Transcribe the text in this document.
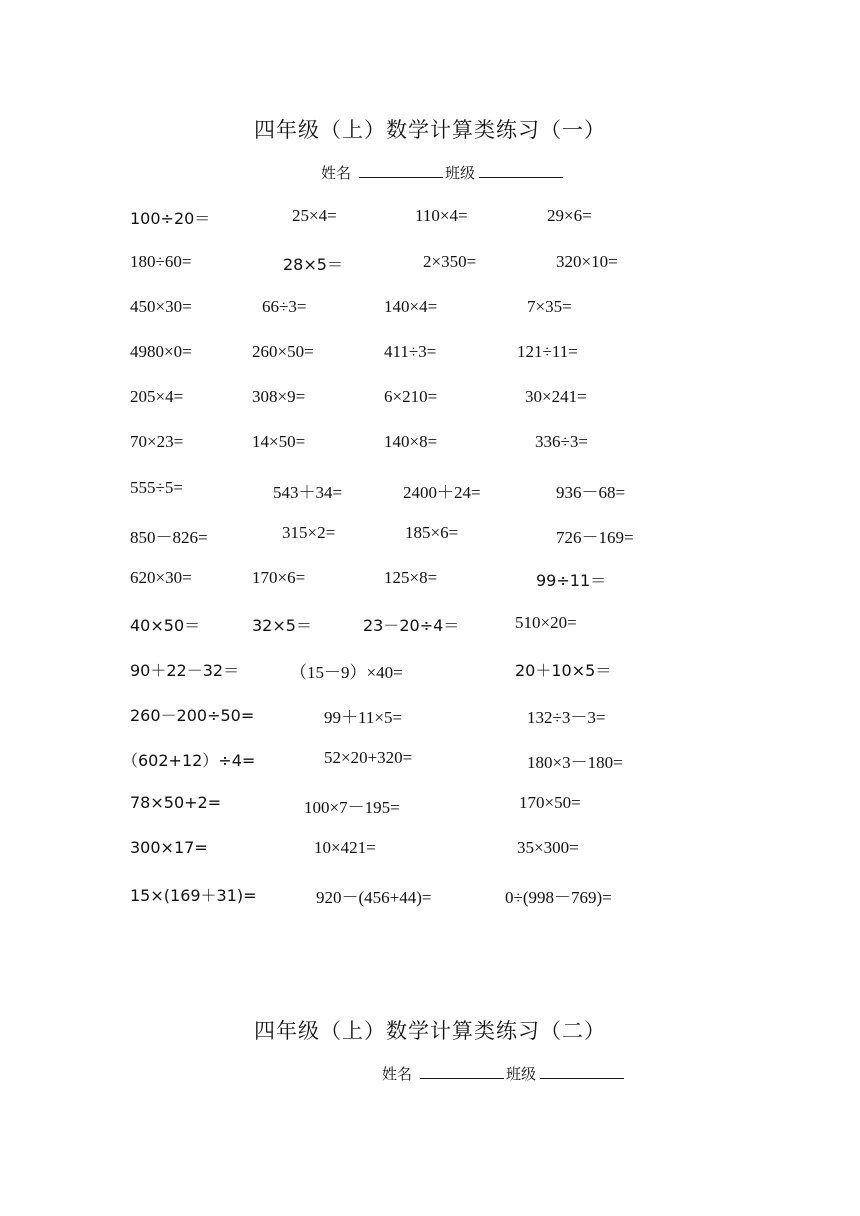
四年级（上）数学计算类练习（一）
姓名	班级
100÷20＝	25×4=	110×4=	29×6=
180÷60=	28×5＝	2×350=	320×10=
450×30=	66÷3=	140×4=	7×35=
4980×0=	260×50=	411÷3=	121÷11=
205×4=	308×9=	6×210=	30×241=
70×23=	14×50=	140×8=	336÷3=
555÷5=	543＋34=	2400＋24=	936－68=
850－826=	315×2=	185×6=	726－169=
620×30=	170×6=	125×8=	99÷11＝
40×50＝	32×5＝	23－20÷4＝	510×20=
90＋22－32＝	（15－9）×40=	20＋10×5＝
260－200÷50=	99＋11×5=	132÷3－3=
（602+12）÷4=	52×20+320=	180×3－180=
78×50+2=	100×7－195=	170×50=
300×17=	10×421=	35×300=
15×(169＋31)=	920－(456+44)=	0÷(998－769)=
四年级（上）数学计算类练习（二）
姓名	班级
